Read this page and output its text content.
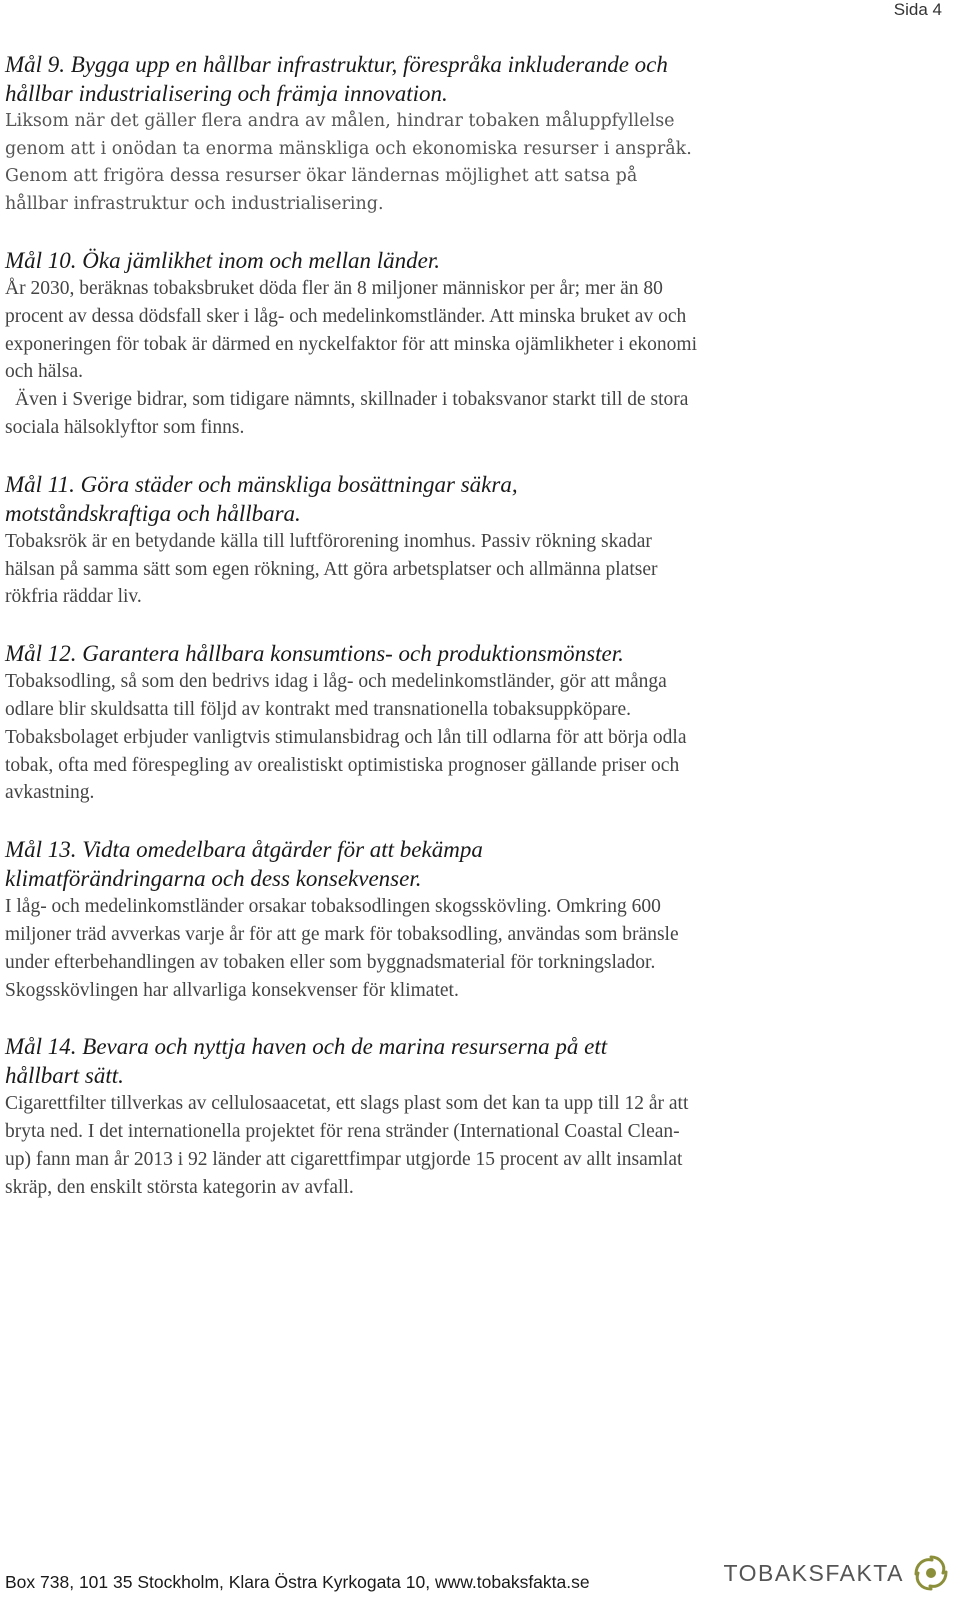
Sida 4

Mål 9. Bygga upp en hållbar infrastruktur, förespråka inkluderande och
hållbar industrialisering och främja innovation.

Liksom när det gäller flera andra av målen, hindrar tobaken måluppfyllelse genom att i onödan ta enorma mänskliga och ekonomiska resurser i anspråk. Genom att frigöra dessa resurser ökar ländernas möjlighet att satsa på hållbar infrastruktur och industrialisering.

Mål 10. Öka jämlikhet inom och mellan länder.

År 2030, beräknas tobaksbruket döda fler än 8 miljoner människor per år; mer än 80 procent av dessa dödsfall sker i låg- och medelinkomstländer. Att minska bruket av och exponeringen för tobak är därmed en nyckelfaktor för att minska ojämlikheter i ekonomi och hälsa.

Även i Sverige bidrar, som tidigare nämnts, skillnader i tobaksvanor starkt till de stora sociala hälsoklyftor som finns.

Mål 11. Göra städer och mänskliga bosättningar säkra,
motståndskraftiga och hållbara.

Tobaksrök är en betydande källa till luftförorening inomhus. Passiv rökning skadar hälsan på samma sätt som egen rökning, Att göra arbetsplatser och allmänna platser rökfria räddar liv.

Mål 12. Garantera hållbara konsumtions- och produktionsmönster.

Tobaksodling, så som den bedrivs idag i låg- och medelinkomstländer, gör att många odlare blir skuldsatta till följd av kontrakt med transnationella tobaksuppköpare. Tobaksbolaget erbjuder vanligtvis stimulansbidrag och lån till odlarna för att börja odla tobak, ofta med förespegling av orealistiskt optimistiska prognoser gällande priser och avkastning.

Mål 13. Vidta omedelbara åtgärder för att bekämpa
klimatförändringarna och dess konsekvenser.

I låg- och medelinkomstländer orsakar tobaksodlingen skogsskövling. Omkring 600 miljoner träd avverkas varje år för att ge mark för tobaksodling, användas som bränsle under efterbehandlingen av tobaken eller som byggnadsmaterial för torkningslador. Skogsskövlingen har allvarliga konsekvenser för klimatet.

Mål 14. Bevara och nyttja haven och de marina resurserna på ett
hållbart sätt.

Cigarettfilter tillverkas av cellulosaacetat, ett slags plast som det kan ta upp till 12 år att bryta ned. I det internationella projektet för rena stränder (International Coastal Clean-up) fann man år 2013 i 92 länder att cigarettfimpar utgjorde 15 procent av allt insamlat skräp, den enskilt största kategorin av avfall.

Box 738, 101 35 Stockholm, Klara Östra Kyrkogata 10, www.tobaksfakta.se	TOBAKSFAKTA
